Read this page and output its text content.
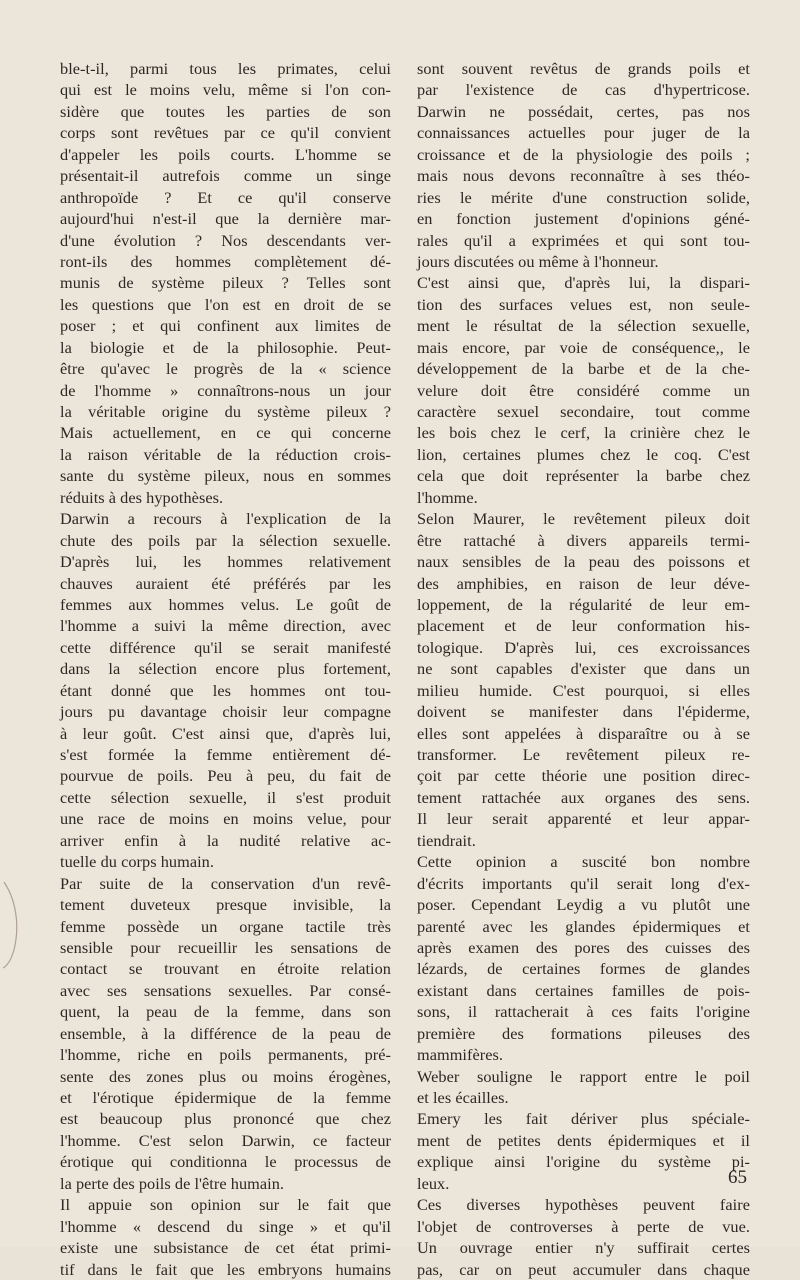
ble-t-il, parmi tous les primates, celui
qui est le moins velu, même si l'on con-
sidère que toutes les parties de son
corps sont revêtues par ce qu'il convient
d'appeler les poils courts. L'homme se
présentait-il autrefois comme un singe
anthropoïde ? Et ce qu'il conserve
aujourd'hui n'est-il que la dernière mar-
d'une évolution ? Nos descendants ver-
ront-ils des hommes complètement dé-
munis de système pileux ? Telles sont
les questions que l'on est en droit de se
poser ; et qui confinent aux limites de
la biologie et de la philosophie. Peut-
être qu'avec le progrès de la « science
de l'homme » connaîtrons-nous un jour
la véritable origine du système pileux ?
Mais actuellement, en ce qui concerne
la raison véritable de la réduction crois-
sante du système pileux, nous en sommes
réduits à des hypothèses.
Darwin a recours à l'explication de la
chute des poils par la sélection sexuelle.
D'après lui, les hommes relativement
chauves auraient été préférés par les
femmes aux hommes velus. Le goût de
l'homme a suivi la même direction, avec
cette différence qu'il se serait manifesté
dans la sélection encore plus fortement,
étant donné que les hommes ont tou-
jours pu davantage choisir leur compagne
à leur goût. C'est ainsi que, d'après lui,
s'est formée la femme entièrement dé-
pourvue de poils. Peu à peu, du fait de
cette sélection sexuelle, il s'est produit
une race de moins en moins velue, pour
arriver enfin à la nudité relative ac-
tuelle du corps humain.
Par suite de la conservation d'un revê-
tement duveteux presque invisible, la
femme possède un organe tactile très
sensible pour recueillir les sensations de
contact se trouvant en étroite relation
avec ses sensations sexuelles. Par consé-
quent, la peau de la femme, dans son
ensemble, à la différence de la peau de
l'homme, riche en poils permanents, pré-
sente des zones plus ou moins érogènes,
et l'érotique épidermique de la femme
est beaucoup plus prononcé que chez
l'homme. C'est selon Darwin, ce facteur
érotique qui conditionna le processus de
la perte des poils de l'être humain.
Il appuie son opinion sur le fait que
l'homme « descend du singe » et qu'il
existe une subsistance de cet état primi-
tif dans le fait que les embryons humains
sont souvent revêtus de grands poils et
par l'existence de cas d'hypertricose.
Darwin ne possédait, certes, pas nos
connaissances actuelles pour juger de la
croissance et de la physiologie des poils ;
mais nous devons reconnaître à ses théo-
ries le mérite d'une construction solide,
en fonction justement d'opinions géné-
rales qu'il a exprimées et qui sont tou-
jours discutées ou même à l'honneur.
C'est ainsi que, d'après lui, la dispari-
tion des surfaces velues est, non seule-
ment le résultat de la sélection sexuelle,
mais encore, par voie de conséquence,, le
développement de la barbe et de la che-
velure doit être considéré comme un
caractère sexuel secondaire, tout comme
les bois chez le cerf, la crinière chez le
lion, certaines plumes chez le coq. C'est
cela que doit représenter la barbe chez
l'homme.
Selon Maurer, le revêtement pileux doit
être rattaché à divers appareils termi-
naux sensibles de la peau des poissons et
des amphibies, en raison de leur déve-
loppement, de la régularité de leur em-
placement et de leur conformation his-
tologique. D'après lui, ces excroissances
ne sont capables d'exister que dans un
milieu humide. C'est pourquoi, si elles
doivent se manifester dans l'épiderme,
elles sont appelées à disparaître ou à se
transformer. Le revêtement pileux re-
çoit par cette théorie une position direc-
tement rattachée aux organes des sens.
Il leur serait apparenté et leur appar-
tiendrait.
Cette opinion a suscité bon nombre
d'écrits importants qu'il serait long d'ex-
poser. Cependant Leydig a vu plutôt une
parenté avec les glandes épidermiques et
après examen des pores des cuisses des
lézards, de certaines formes de glandes
existant dans certaines familles de pois-
sons, il rattacherait à ces faits l'origine
première des formations pileuses des
mammifères.
Weber souligne le rapport entre le poil
et les écailles.
Emery les fait dériver plus spéciale-
ment de petites dents épidermiques et il
explique ainsi l'origine du système pi-
leux.
Ces diverses hypothèses peuvent faire
l'objet de controverses à perte de vue.
Un ouvrage entier n'y suffirait certes
pas, car on peut accumuler dans chaque
65
